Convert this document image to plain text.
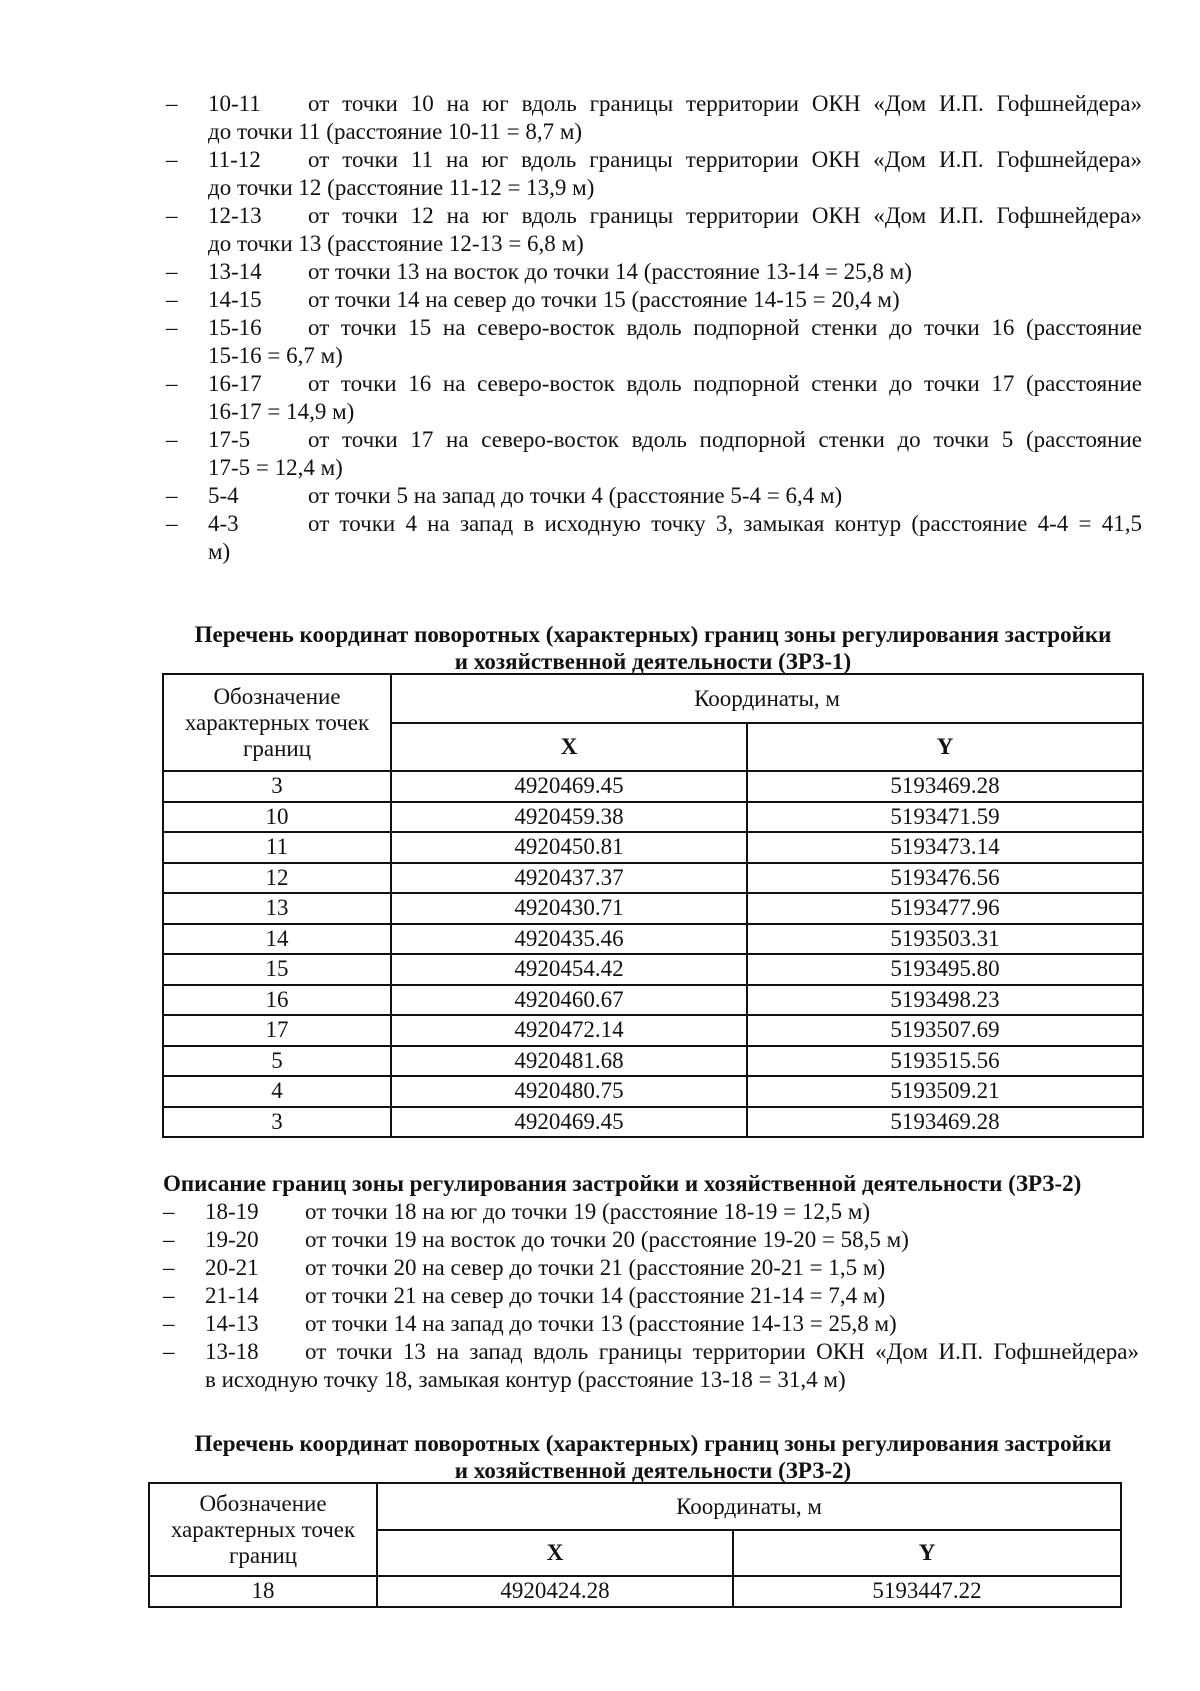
– 10-11 от точки 10 на юг вдоль границы территории ОКН «Дом И.П. Гофшнейдера»
до точки 11 (расстояние 10-11 = 8,7 м)
– 11-12 от точки 11 на юг вдоль границы территории ОКН «Дом И.П. Гофшнейдера»
до точки 12 (расстояние 11-12 = 13,9 м)
– 12-13 от точки 12 на юг вдоль границы территории ОКН «Дом И.П. Гофшнейдера»
до точки 13 (расстояние 12-13 = 6,8 м)
– 13-14 от точки 13 на восток до точки 14 (расстояние 13-14 = 25,8 м)
– 14-15 от точки 14 на север до точки 15 (расстояние 14-15 = 20,4 м)
– 15-16 от точки 15 на северо-восток вдоль подпорной стенки до точки 16 (расстояние
15-16 = 6,7 м)
– 16-17 от точки 16 на северо-восток вдоль подпорной стенки до точки 17 (расстояние
16-17 = 14,9 м)
– 17-5	от точки 17 на северо-восток вдоль подпорной стенки до точки 5 (расстояние
17-5 = 12,4 м)
– 5-4	от точки 5 на запад до точки 4 (расстояние 5-4 = 6,4 м)
– 4-3	от точки 4 на запад в исходную точку 3, замыкая контур (расстояние 4-4 = 41,5
м)
Перечень координат поворотных (характерных) границ зоны регулирования застройки
и хозяйственной деятельности (ЗРЗ-1)
Обозначение характерных точек границ	Координаты, м	
	X	Y
3	4920469.45	5193469.28
10	4920459.38	5193471.59
11	4920450.81	5193473.14
12	4920437.37	5193476.56
13	4920430.71	5193477.96
14	4920435.46	5193503.31
15	4920454.42	5193495.80
16	4920460.67	5193498.23
17	4920472.14	5193507.69
5	4920481.68	5193515.56
4	4920480.75	5193509.21
3	4920469.45	5193469.28
Описание границ зоны регулирования застройки и хозяйственной деятельности (ЗРЗ-2)
– 18-19 от точки 18 на юг до точки 19 (расстояние 18-19 = 12,5 м)
– 19-20 от точки 19 на восток до точки 20 (расстояние 19-20 = 58,5 м)
– 20-21 от точки 20 на север до точки 21 (расстояние 20-21 = 1,5 м)
– 21-14 от точки 21 на север до точки 14 (расстояние 21-14 = 7,4 м)
– 14-13 от точки 14 на запад до точки 13 (расстояние 14-13 = 25,8 м)
– 13-18 от точки 13 на запад вдоль границы территории ОКН «Дом И.П. Гофшнейдера»
в исходную точку 18, замыкая контур (расстояние 13-18 = 31,4 м)
Перечень координат поворотных (характерных) границ зоны регулирования застройки
и хозяйственной деятельности (ЗРЗ-2)
Обозначение характерных точек границ	Координаты, м	
	X	Y
18	4920424.28	5193447.22
